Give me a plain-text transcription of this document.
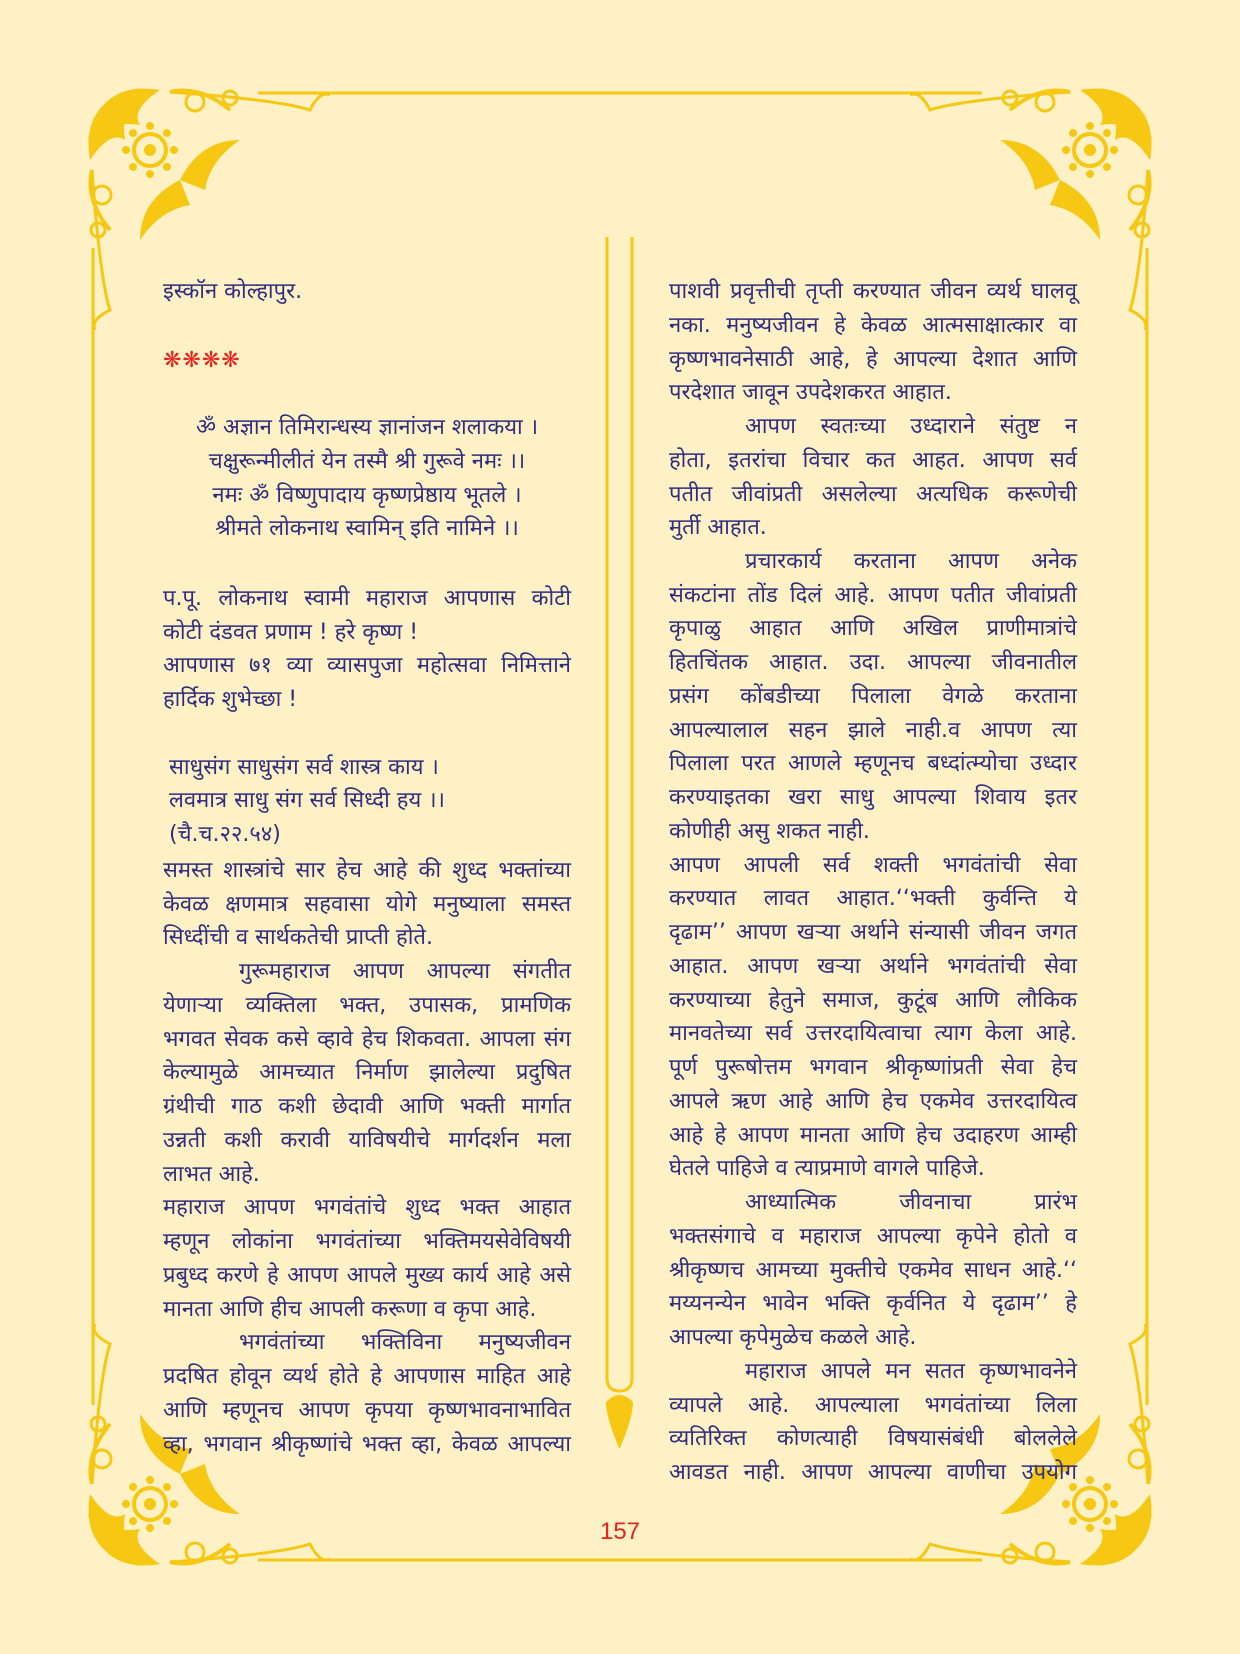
इस्कॉन कोल्हापुर.
❋❋❋❋
ॐ अज्ञान तिमिरान्धस्य ज्ञानांजन शलाकया ।
चक्षुरून्मीलीतं येन तस्मै श्री गुरूवे नमः ।।
नमः ॐ विष्णुपादाय कृष्णप्रेष्ठाय भूतले ।
श्रीमते लोकनाथ स्वामिन् इति नामिने ।।
प.पू. लोकनाथ स्वामी महाराज आपणास कोटी
कोटी दंडवत प्रणाम ! हरे कृष्ण !
आपणास ७१ व्या व्यासपुजा महोत्सवा निमित्ताने
हार्दिक शुभेच्छा !
साधुसंग साधुसंग सर्व शास्त्र काय ।
लवमात्र साधु संग सर्व सिध्दी हय ।।
(चै.च.२२.५४)
समस्त शास्त्रांचे सार हेच आहे की शुध्द भक्तांच्या
केवळ क्षणमात्र सहवासा योगे मनुष्याला समस्त
सिध्दींची व सार्थकतेची प्राप्ती होते.
गुरूमहाराज आपण आपल्या संगतीत
येणाऱ्या व्यक्तिला भक्त, उपासक, प्रामणिक
भगवत सेवक कसे व्हावे हेच शिकवता. आपला संग
केल्यामुळे आमच्यात निर्माण झालेल्या प्रदुषित
ग्रंथीची गाठ कशी छेदावी आणि भक्ती मार्गात
उन्नती कशी करावी याविषयीचे मार्गदर्शन मला
लाभत आहे.
महाराज आपण भगवंतांचे शुध्द भक्त आहात
म्हणून लोकांना भगवंतांच्या भक्तिमयसेवेविषयी
प्रबुध्द करणे हे आपण आपले मुख्य कार्य आहे असे
मानता आणि हीच आपली करूणा व कृपा आहे.
भगवंतांच्या भक्तिविना मनुष्यजीवन
प्रदषित होवून व्यर्थ होते हे आपणास माहित आहे
आणि म्हणूनच आपण कृपया कृष्णभावनाभावित
व्हा, भगवान श्रीकृष्णांचे भक्त व्हा, केवळ आपल्या
पाशवी प्रवृत्तीची तृप्ती करण्यात जीवन व्यर्थ घालवू
नका. मनुष्यजीवन हे केवळ आत्मसाक्षात्कार वा
कृष्णभावनेसाठी आहे, हे आपल्या देशात आणि
परदेशात जावून उपदेशकरत आहात.
आपण स्वतःच्या उध्दाराने संतुष्ट न
होता, इतरांचा विचार कत आहत. आपण सर्व
पतीत जीवांप्रती असलेल्या अत्यधिक करूणेची
मुर्ती आहात.
प्रचारकार्य करताना आपण अनेक
संकटांना तोंड दिलं आहे. आपण पतीत जीवांप्रती
कृपाळु आहात आणि अखिल प्राणीमात्रांचे
हितचिंतक आहात. उदा. आपल्या जीवनातील
प्रसंग कोंबडीच्या पिलाला वेगळे करताना
आपल्यालाल सहन झाले नाही.व आपण त्या
पिलाला परत आणले म्हणूनच बध्दांत्म्योचा उध्दार
करण्याइतका खरा साधु आपल्या शिवाय इतर
कोणीही असु शकत नाही.
आपण आपली सर्व शक्ती भगवंतांची सेवा
करण्यात लावत आहात.‘‘भक्ती कुर्वन्ति ये
दृढाम’’ आपण खऱ्या अर्थाने संन्यासी जीवन जगत
आहात. आपण खऱ्या अर्थाने भगवंतांची सेवा
करण्याच्या हेतुने समाज, कुटूंब आणि लौकिक
मानवतेच्या सर्व उत्तरदायित्वाचा त्याग केला आहे.
पूर्ण पुरूषोत्तम भगवान श्रीकृष्णांप्रती सेवा हेच
आपले ऋण आहे आणि हेच एकमेव उत्तरदायित्व
आहे हे आपण मानता आणि हेच उदाहरण आम्ही
घेतले पाहिजे व त्याप्रमाणे वागले पाहिजे.
आध्यात्मिक जीवनाचा प्रारंभ
भक्तसंगाचे व महाराज आपल्या कृपेने होतो व
श्रीकृष्णच आमच्या मुक्तीचे एकमेव साधन आहे.‘‘
मय्यनन्येन भावेन भक्ति कृर्वनित ये दृढाम’’ हे
आपल्या कृपेमुळेच कळले आहे.
महाराज आपले मन सतत कृष्णभावनेने
व्यापले आहे. आपल्याला भगवंतांच्या लिला
व्यतिरिक्त कोणत्याही विषयासंबंधी बोललेले
आवडत नाही. आपण आपल्या वाणीचा उपयोग
157
